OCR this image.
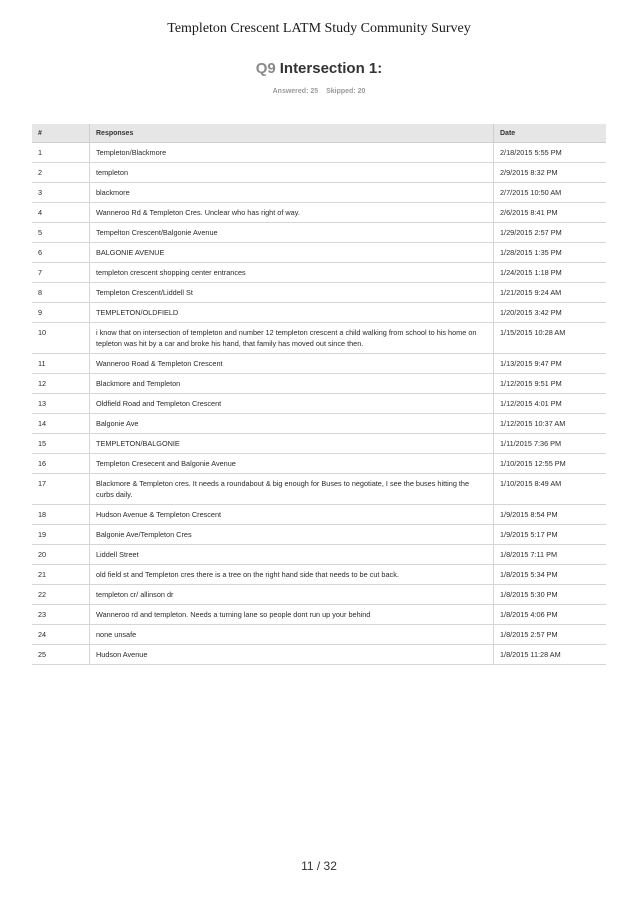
Templeton Crescent LATM Study Community Survey
Q9 Intersection 1:
Answered: 25 Skipped: 20
#	Responses	Date
1	Templeton/Blackmore	2/18/2015 5:55 PM
2	templeton	2/9/2015 8:32 PM
3	blackmore	2/7/2015 10:50 AM
4	Wanneroo Rd & Templeton Cres. Unclear who has right of way.	2/6/2015 8:41 PM
5	Tempelton Crescent/Balgonie Avenue	1/29/2015 2:57 PM
6	BALGONIE AVENUE	1/28/2015 1:35 PM
7	templeton crescent shopping center entrances	1/24/2015 1:18 PM
8	Templeton Crescent/Liddell St	1/21/2015 9:24 AM
9	TEMPLETON/OLDFIELD	1/20/2015 3:42 PM
10	i know that on intersection of templeton and number 12 templeton crescent a child walking from school to his home on tepleton was hit by a car and broke his hand, that family has moved out since then.	1/15/2015 10:28 AM
11	Wanneroo Road & Templeton Crescent	1/13/2015 9:47 PM
12	Blackmore and Templeton	1/12/2015 9:51 PM
13	Oldfield Road and Templeton Crescent	1/12/2015 4:01 PM
14	Balgonie Ave	1/12/2015 10:37 AM
15	TEMPLETON/BALGONIE	1/11/2015 7:36 PM
16	Templeton Cresecent and Balgonie Avenue	1/10/2015 12:55 PM
17	Blackmore & Templeton cres. It needs a roundabout & big enough for Buses to negotiate, I see the buses hitting the curbs daily.	1/10/2015 8:49 AM
18	Hudson Avenue & Templeton Crescent	1/9/2015 8:54 PM
19	Balgonie Ave/Templeton Cres	1/9/2015 5:17 PM
20	Liddell Street	1/8/2015 7:11 PM
21	old field st and Templeton cres there is a tree on the right hand side that needs to be cut back.	1/8/2015 5:34 PM
22	templeton cr/ allinson dr	1/8/2015 5:30 PM
23	Wanneroo rd and templeton. Needs a turning lane so people dont run up your behind	1/8/2015 4:06 PM
24	none unsafe	1/8/2015 2:57 PM
25	Hudson Avenue	1/8/2015 11:28 AM
11 / 32
